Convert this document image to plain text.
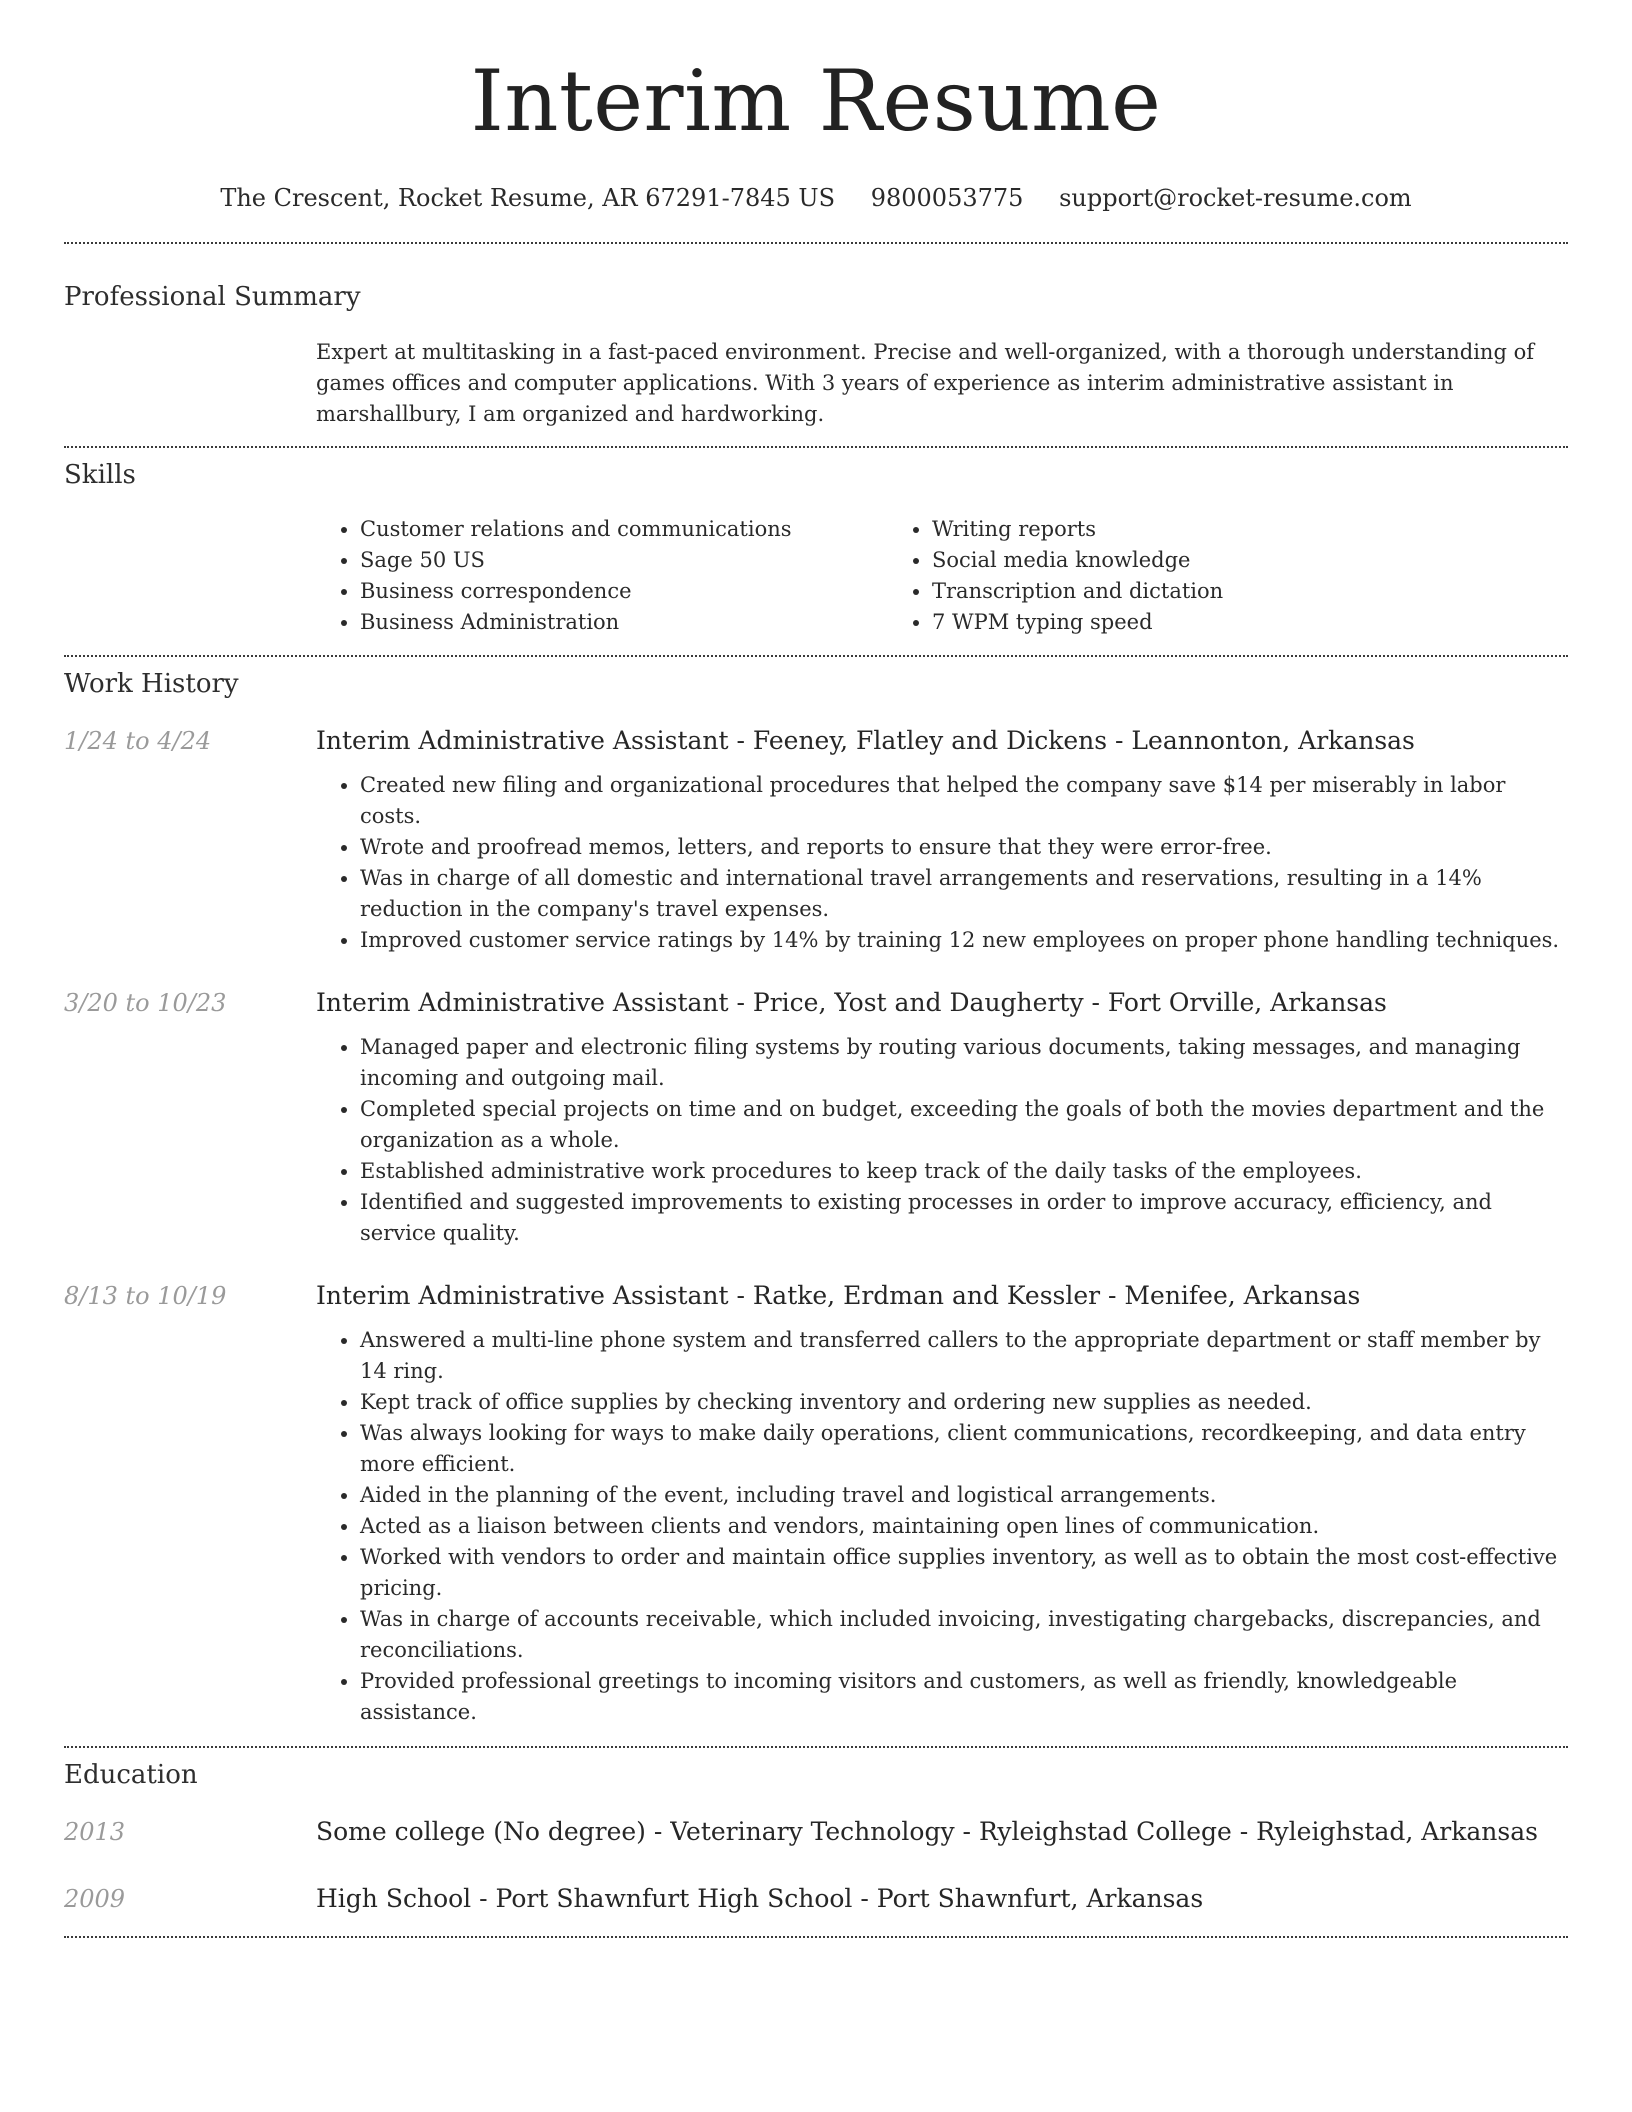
Interim Resume
The Crescent, Rocket Resume, AR 67291-7845 US 9800053775 support@rocket-resume.com
Professional Summary

Expert at multitasking in a fast-paced environment. Precise and well-organized, with a thorough understanding of games offices and computer applications. With 3 years of experience as interim administrative assistant in marshallbury, I am organized and hardworking.

Skills
• Customer relations and communications
• Sage 50 US
• Business correspondence
• Business Administration
• Writing reports
• Social media knowledge
• Transcription and dictation
• 7 WPM typing speed
Work History
1/24 to 4/24	Interim Administrative Assistant - Feeney, Flatley and Dickens - Leannonton, Arkansas
• Created new filing and organizational procedures that helped the company save $14 per miserably in labor costs.
• Wrote and proofread memos, letters, and reports to ensure that they were error-free.
• Was in charge of all domestic and international travel arrangements and reservations, resulting in a 14% reduction in the company's travel expenses.
• Improved customer service ratings by 14% by training 12 new employees on proper phone handling techniques.
3/20 to 10/23	Interim Administrative Assistant - Price, Yost and Daugherty - Fort Orville, Arkansas
• Managed paper and electronic filing systems by routing various documents, taking messages, and managing incoming and outgoing mail.
• Completed special projects on time and on budget, exceeding the goals of both the movies department and the organization as a whole.
• Established administrative work procedures to keep track of the daily tasks of the employees.
• Identified and suggested improvements to existing processes in order to improve accuracy, efficiency, and service quality.
8/13 to 10/19	Interim Administrative Assistant - Ratke, Erdman and Kessler - Menifee, Arkansas
• Answered a multi-line phone system and transferred callers to the appropriate department or staff member by 14 ring.
• Kept track of office supplies by checking inventory and ordering new supplies as needed.
• Was always looking for ways to make daily operations, client communications, recordkeeping, and data entry more efficient.
• Aided in the planning of the event, including travel and logistical arrangements.
• Acted as a liaison between clients and vendors, maintaining open lines of communication.
• Worked with vendors to order and maintain office supplies inventory, as well as to obtain the most cost-effective pricing.
• Was in charge of accounts receivable, which included invoicing, investigating chargebacks, discrepancies, and reconciliations.
• Provided professional greetings to incoming visitors and customers, as well as friendly, knowledgeable assistance.
Education
2013	Some college (No degree) - Veterinary Technology - Ryleighstad College - Ryleighstad, Arkansas
2009	High School - Port Shawnfurt High School - Port Shawnfurt, Arkansas
